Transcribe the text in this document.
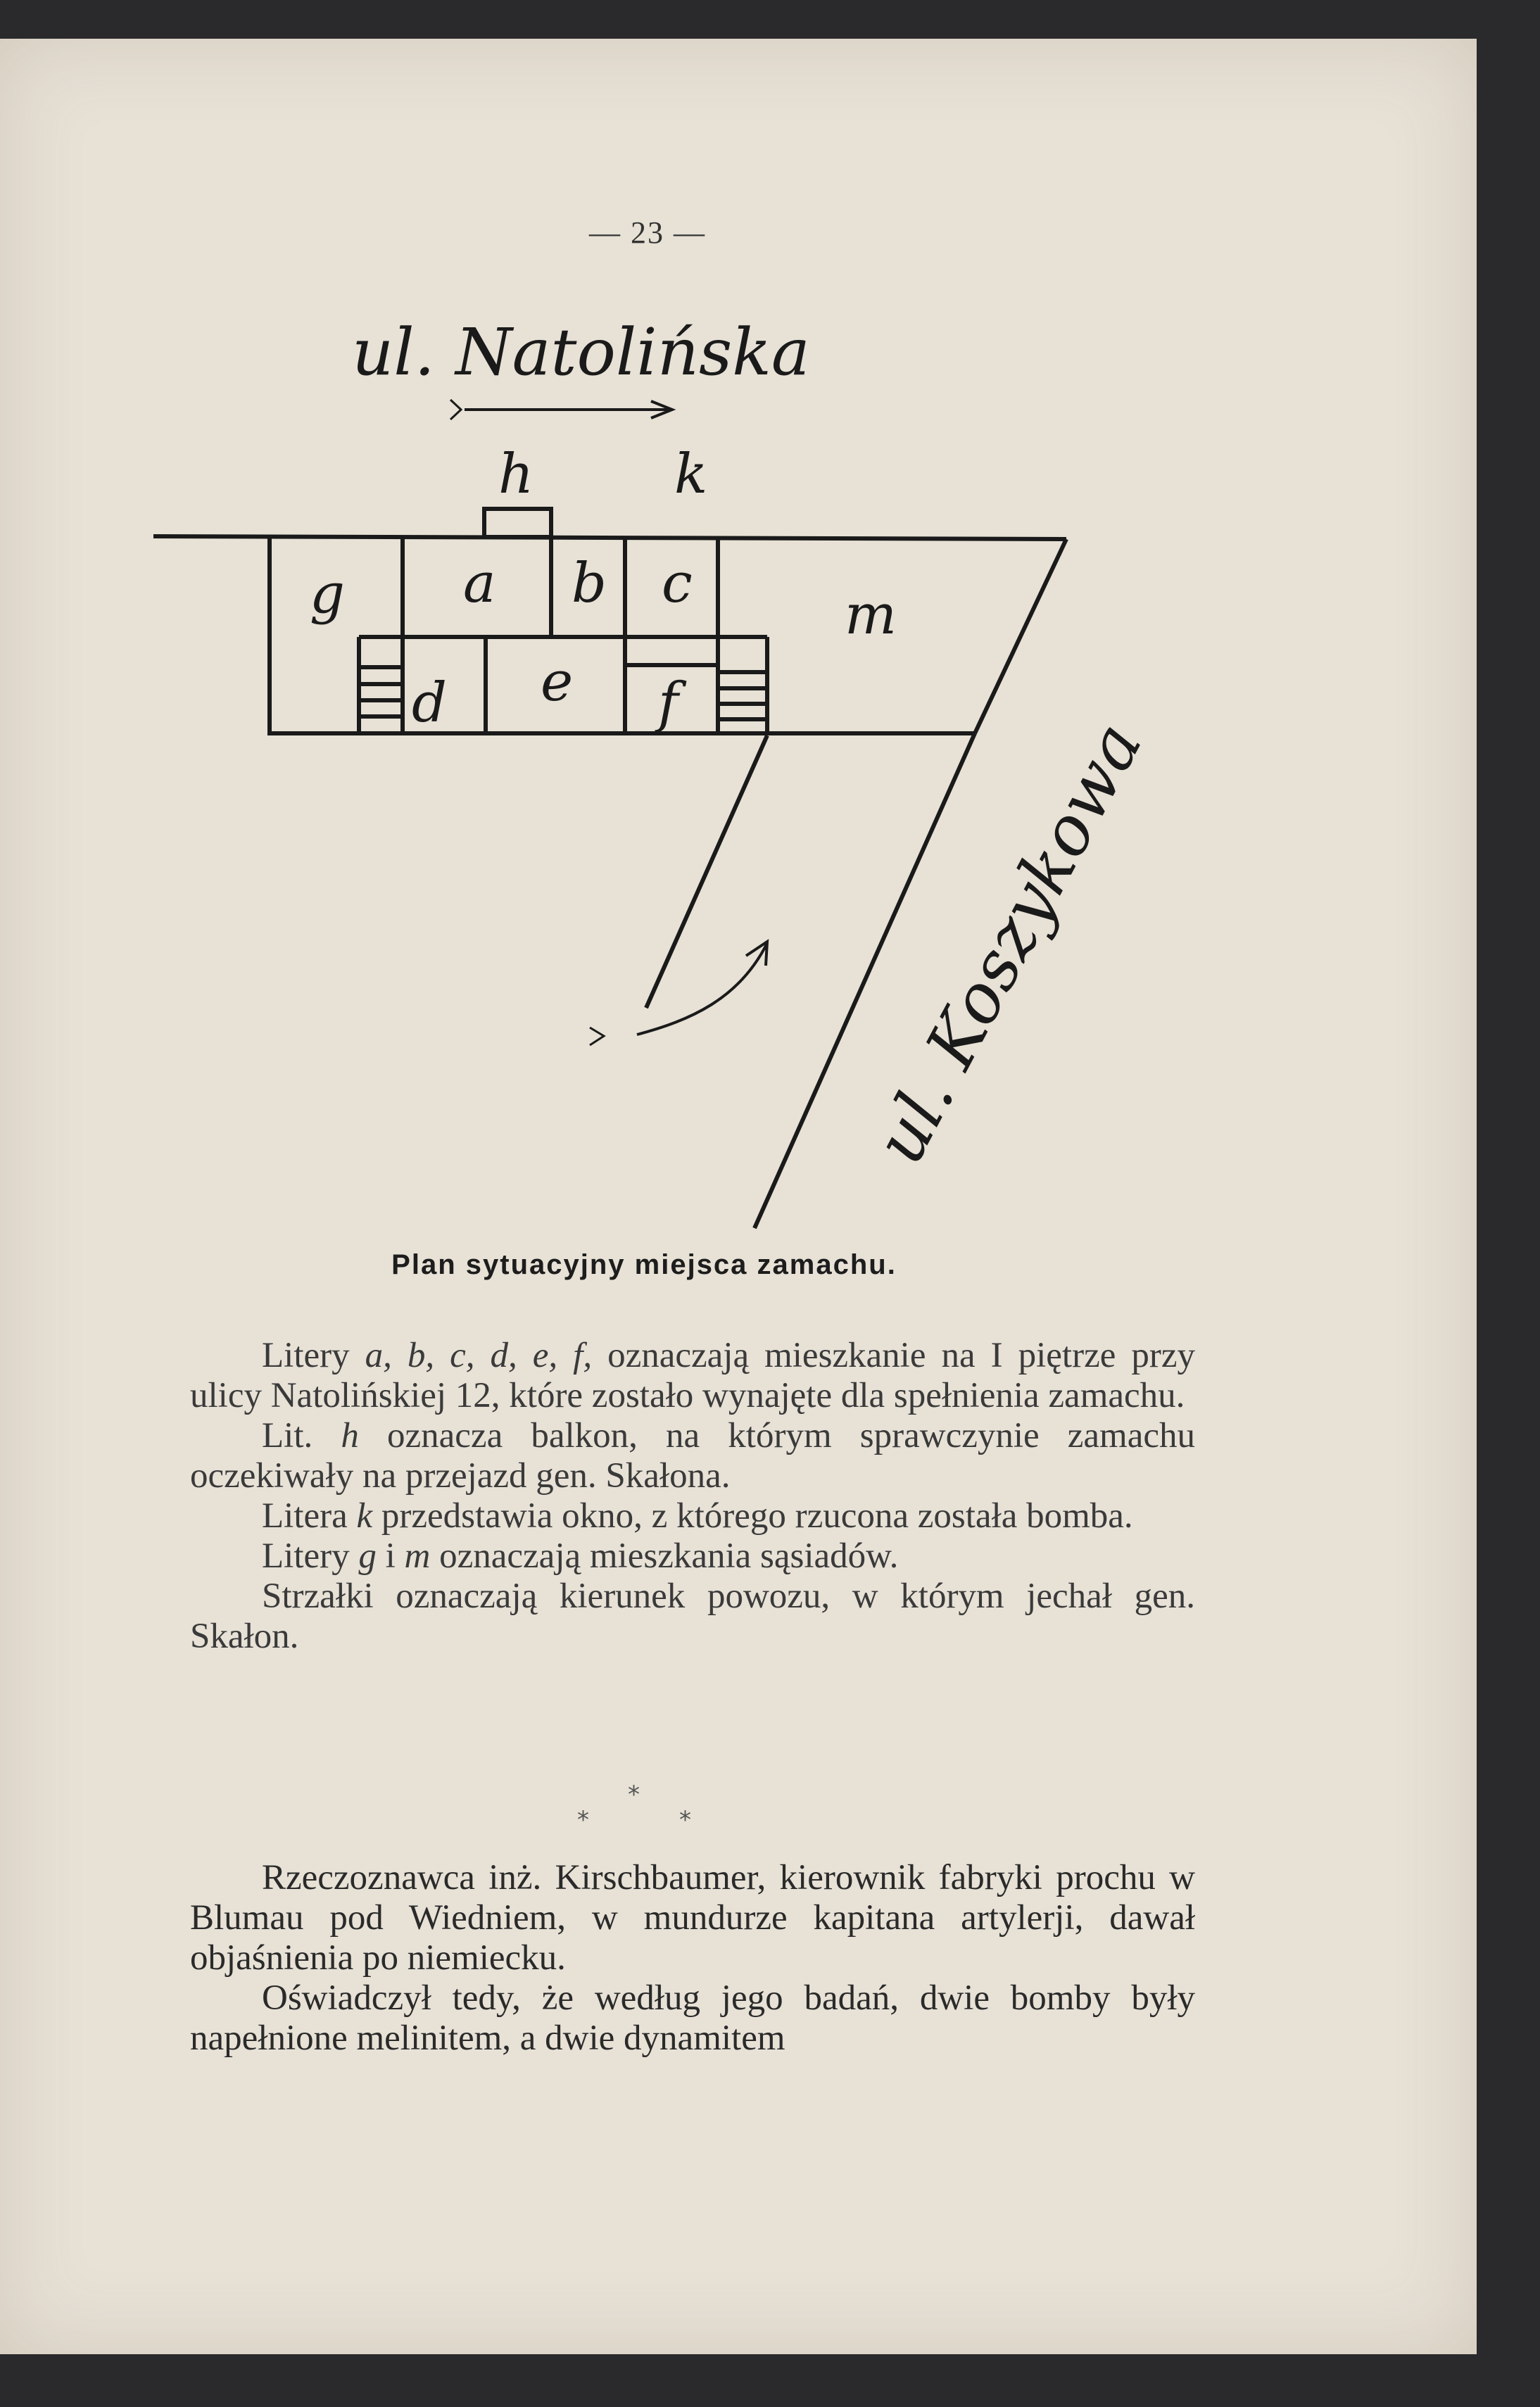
— 23 —
ul. Natolińska
h	k
g a b c	m
d e f
ul. Koszykowa
Plan sytuacyjny miejsca zamachu.

  Litery a, b, c, d, e, f, oznaczają mieszkanie na I piętrze przy ulicy Natolińskiej 12, które zostało wynajęte dla spełnienia zamachu.

  Lit. h oznacza balkon, na którym sprawczynie zamachu oczekiwały na przejazd gen. Skałona.

  Litera k przedstawia okno, z którego rzucona została bomba.

  Litery g i m oznaczają mieszkania sąsiadów.

  Strzałki oznaczają kierunek powozu, w którym jechał gen. Skałon.

*
*	*

  Rzeczoznawca inż. Kirschbaumer, kierownik fabryki prochu w Blumau pod Wiedniem, w mundurze kapitana artylerji, dawał objaśnienia po niemiecku.

  Oświadczył tedy, że według jego badań, dwie bomby były napełnione melinitem, a dwie dynamitem
